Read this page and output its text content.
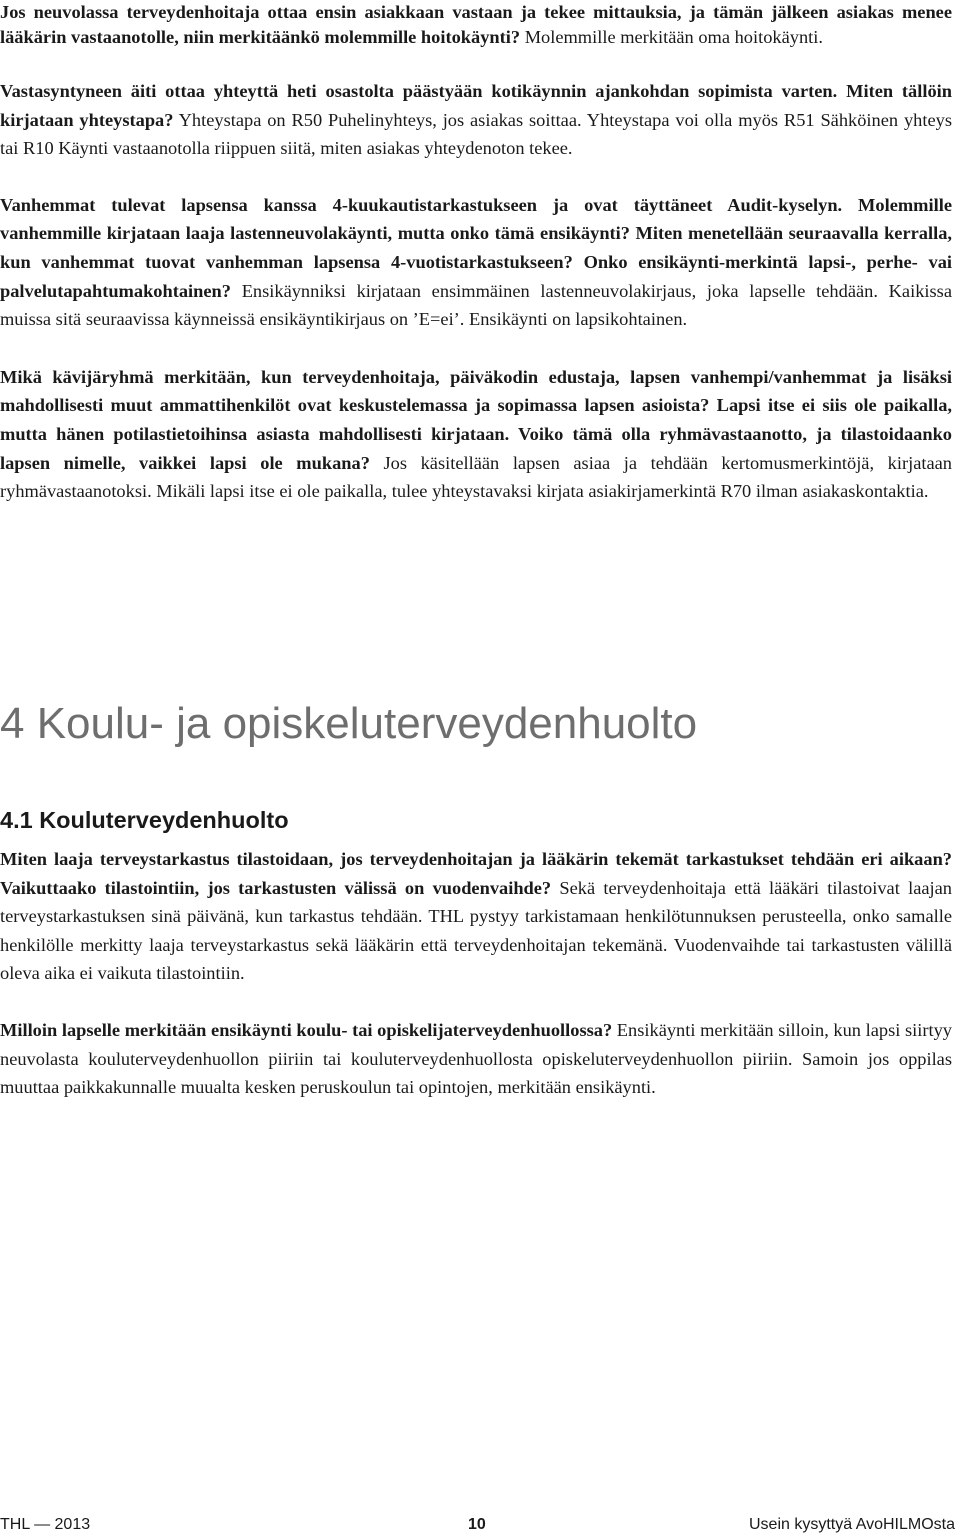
Jos neuvolassa terveydenhoitaja ottaa ensin asiakkaan vastaan ja tekee mittauksia, ja tämän jälkeen asiakas menee lääkärin vastaanotolle, niin merkitäänkö molemmille hoitokäynti? Molemmille merkitään oma hoitokäynti.

Vastasyntyneen äiti ottaa yhteyttä heti osastolta päästyään kotikäynnin ajankohdan sopimista varten. Miten tällöin kirjataan yhteystapa? Yhteystapa on R50 Puhelinyhteys, jos asiakas soittaa. Yhteystapa voi olla myös R51 Sähköinen yhteys tai R10 Käynti vastaanotolla riippuen siitä, miten asiakas yhteydenoton tekee.

Vanhemmat tulevat lapsensa kanssa 4-kuukautistarkastukseen ja ovat täyttäneet Audit-kyselyn. Molemmille vanhemmille kirjataan laaja lastenneuvolakäynti, mutta onko tämä ensikäynti? Miten menetellään seuraavalla kerralla, kun vanhemmat tuovat vanhemman lapsensa 4-vuotistarkastukseen? Onko ensikäynti-merkintä lapsi-, perhe- vai palvelutapahtumakohtainen? Ensikäynniksi kirjataan ensimmäinen lastenneuvolakirjaus, joka lapselle tehdään. Kaikissa muissa sitä seuraavissa käynneissä ensikäyntikirjaus on ’E=ei’. Ensikäynti on lapsikohtainen.

Mikä kävijäryhmä merkitään, kun terveydenhoitaja, päiväkodin edustaja, lapsen vanhempi/vanhemmat ja lisäksi mahdollisesti muut ammattihenkilöt ovat keskustelemassa ja sopimassa lapsen asioista? Lapsi itse ei siis ole paikalla, mutta hänen potilastietoihinsa asiasta mahdollisesti kirjataan. Voiko tämä olla ryhmävastaanotto, ja tilastoidaanko lapsen nimelle, vaikkei lapsi ole mukana? Jos käsitellään lapsen asiaa ja tehdään kertomusmerkintöjä, kirjataan ryhmävastaanotoksi. Mikäli lapsi itse ei ole paikalla, tulee yhteystavaksi kirjata asiakirjamerkintä R70 ilman asiakaskontaktia.

4 Koulu- ja opiskeluterveydenhuolto
4.1 Kouluterveydenhuolto

Miten laaja terveystarkastus tilastoidaan, jos terveydenhoitajan ja lääkärin tekemät tarkastukset tehdään eri aikaan? Vaikuttaako tilastointiin, jos tarkastusten välissä on vuodenvaihde? Sekä terveydenhoitaja että lääkäri tilastoivat laajan terveystarkastuksen sinä päivänä, kun tarkastus tehdään. THL pystyy tarkistamaan henkilötunnuksen perusteella, onko samalle henkilölle merkitty laaja terveystarkastus sekä lääkärin että terveydenhoitajan tekemänä. Vuodenvaihde tai tarkastusten välillä oleva aika ei vaikuta tilastointiin.

Milloin lapselle merkitään ensikäynti koulu- tai opiskelijaterveydenhuollossa? Ensikäynti merkitään silloin, kun lapsi siirtyy neuvolasta kouluterveydenhuollon piiriin tai kouluterveydenhuollosta opiskeluterveydenhuollon piiriin. Samoin jos oppilas muuttaa paikkakunnalle muualta kesken peruskoulun tai opintojen, merkitään ensikäynti.

THL — 2013	10	Usein kysyttyä AvoHILMOsta
